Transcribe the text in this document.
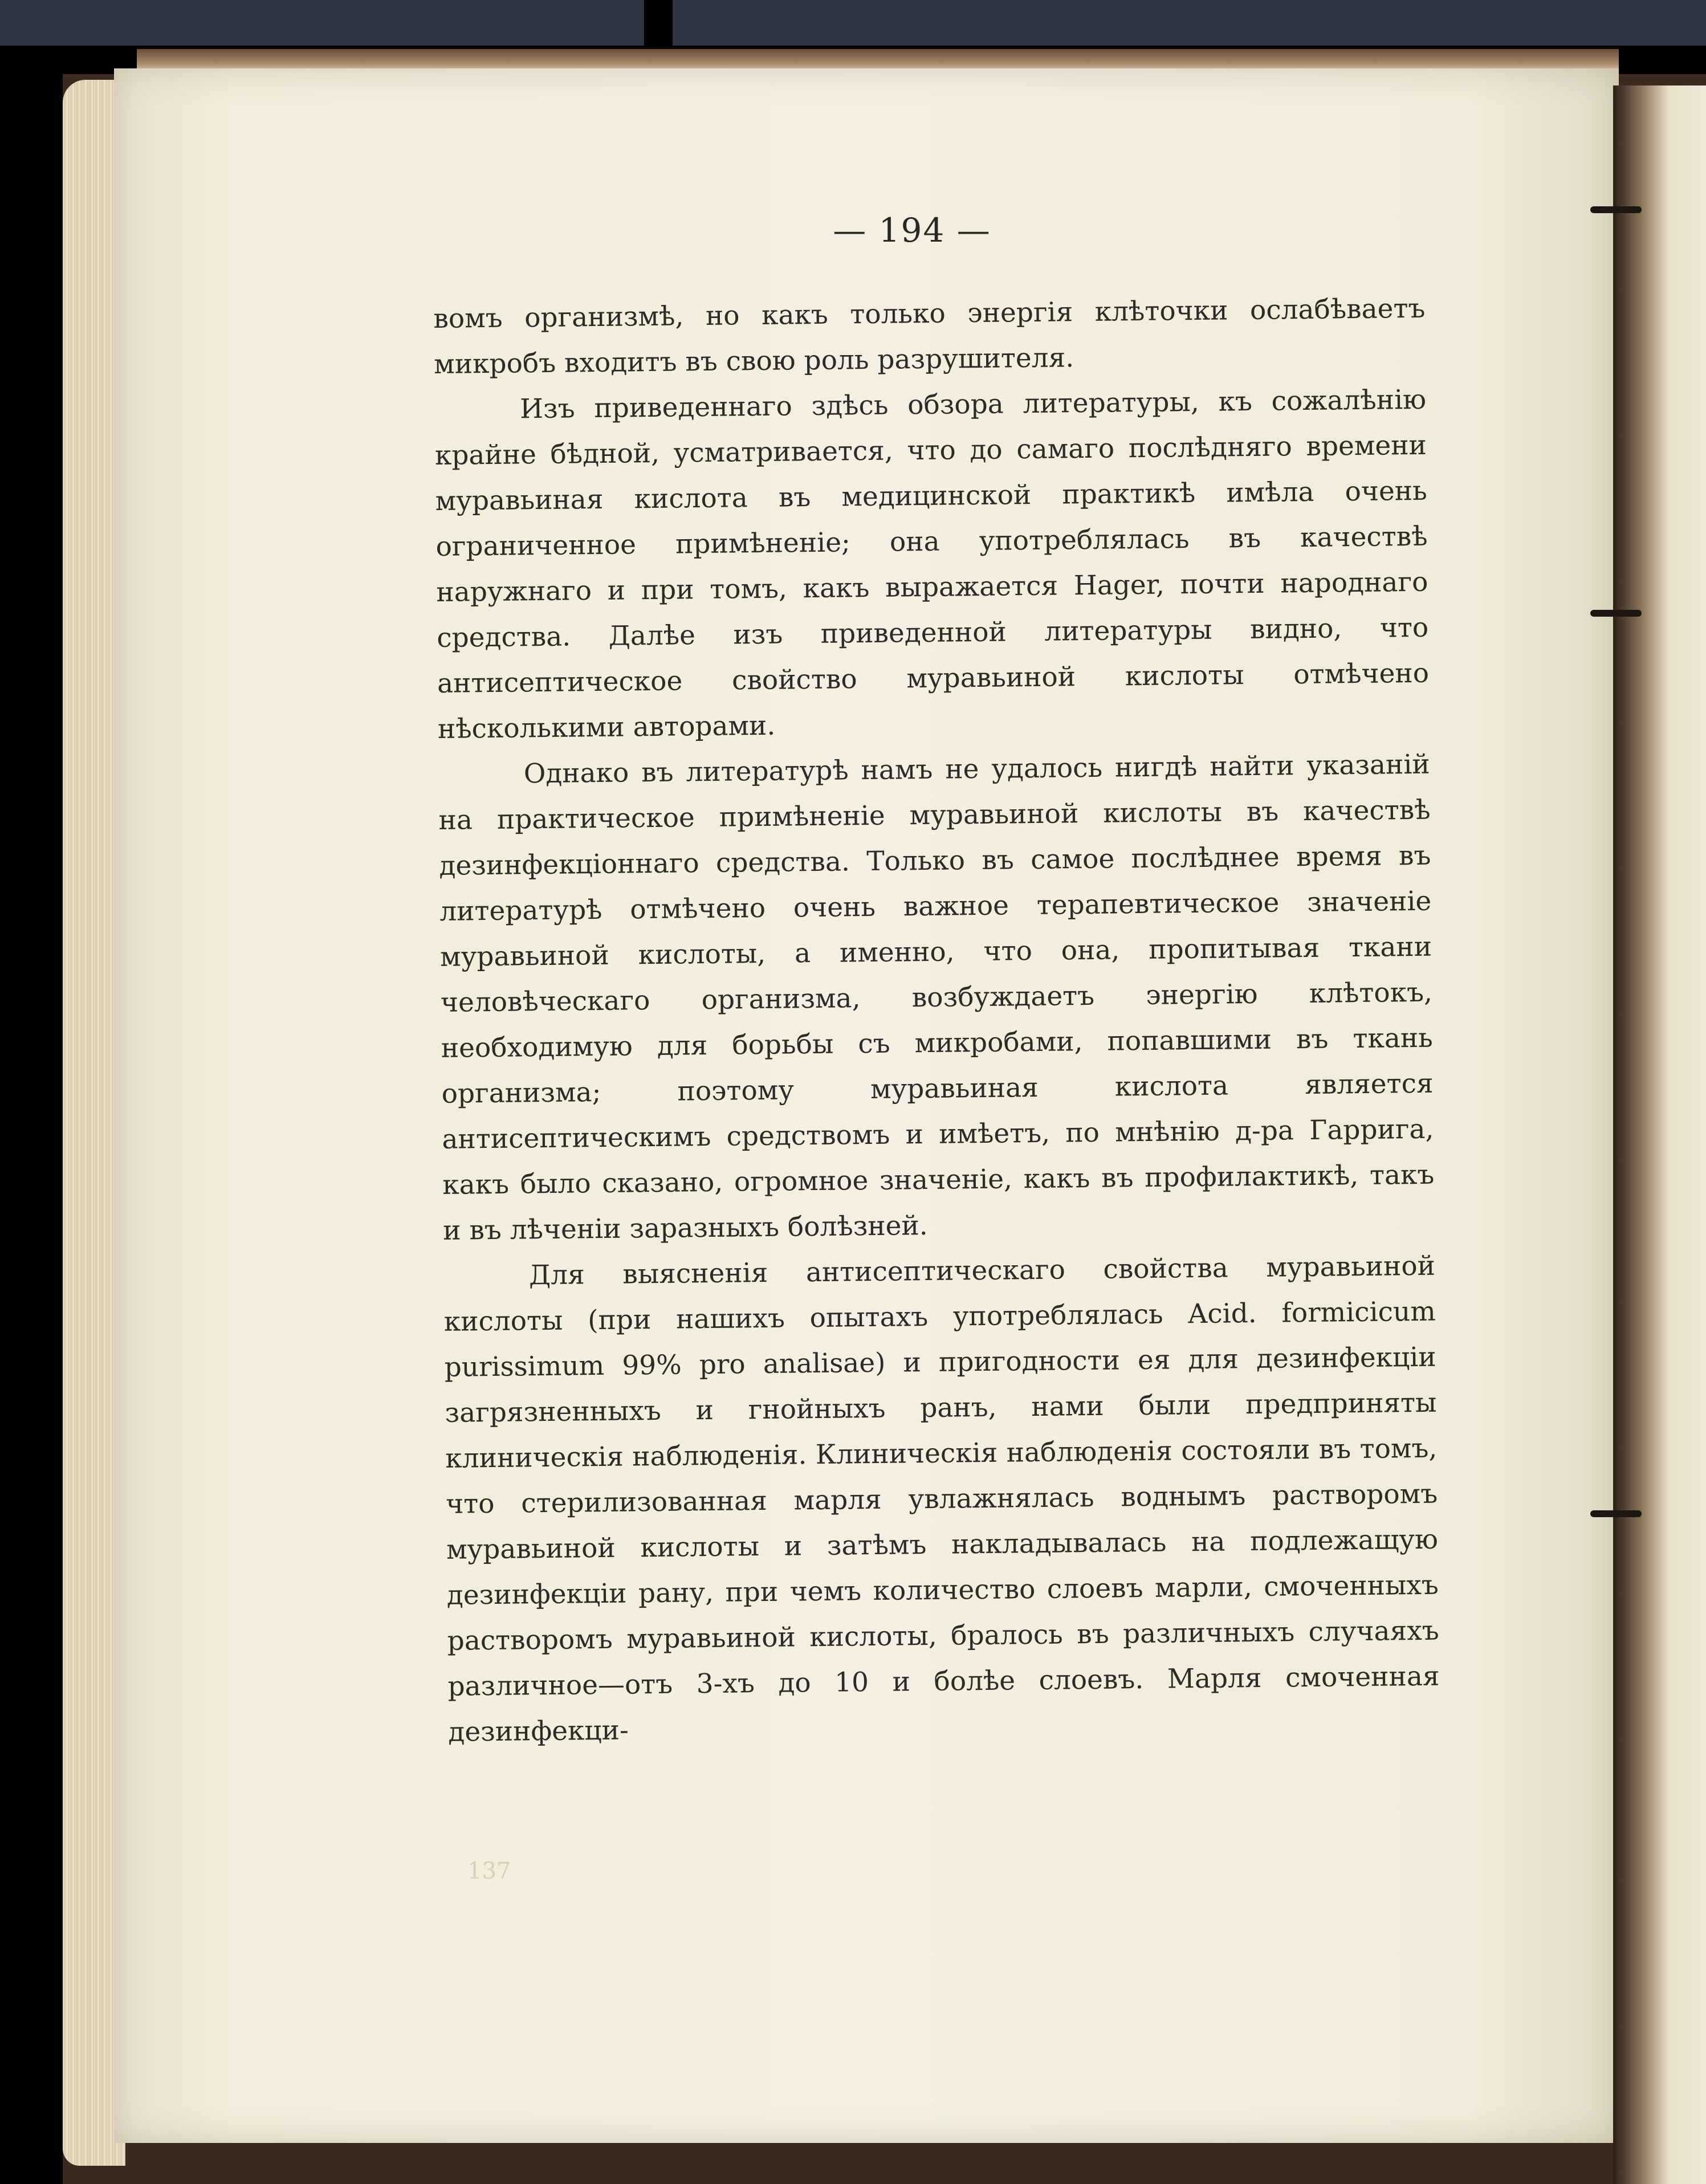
— 194 —

вомъ организмѣ, но какъ только энергія клѣточки ослабѣваетъ микробъ входитъ въ свою роль разрушителя.

Изъ приведеннаго здѣсь обзора литературы, къ сожалѣнію крайне бѣдной, усматривается, что до самаго послѣдняго времени муравьиная кислота въ медицинской практикѣ имѣла очень ограниченное примѣненіе; она употреблялась въ качествѣ наружнаго и при томъ, какъ выражается Hager, почти народнаго средства. Далѣе изъ приведенной литературы видно, что антисептическое свойство муравьиной кислоты отмѣчено нѣсколькими авторами.

Однако въ литературѣ намъ не удалось нигдѣ найти указаній на практическое примѣненіе муравьиной кислоты въ качествѣ дезинфекціоннаго средства. Только въ самое послѣднее время въ литературѣ отмѣчено очень важное терапевтическое значеніе муравьиной кислоты, а именно, что она, пропитывая ткани человѣческаго организма, возбуждаетъ энергію клѣтокъ, необходимую для борьбы съ микробами, попавшими въ ткань организма; поэтому муравьиная кислота является антисептическимъ средствомъ и имѣетъ, по мнѣнію д-ра Гаррига, какъ было сказано, огромное значеніе, какъ въ профилактикѣ, такъ и въ лѣченіи заразныхъ болѣзней.

Для выясненія антисептическаго свойства муравьиной кислоты (при нашихъ опытахъ употреблялась Acid. formicicum purissimum 99% pro analisae) и пригодности ея для дезинфекціи загрязненныхъ и гнойныхъ ранъ, нами были предприняты клиническія наблюденія. Клиническія наблюденія состояли въ томъ, что стерилизованная марля увлажнялась воднымъ растворомъ муравьиной кислоты и затѣмъ накладывалась на подлежащую дезинфекціи рану, при чемъ количество слоевъ марли, смоченныхъ растворомъ муравьиной кислоты, бралось въ различныхъ случаяхъ различное—отъ 3-хъ до 10 и болѣе слоевъ. Марля смоченная дезинфекци-

137
